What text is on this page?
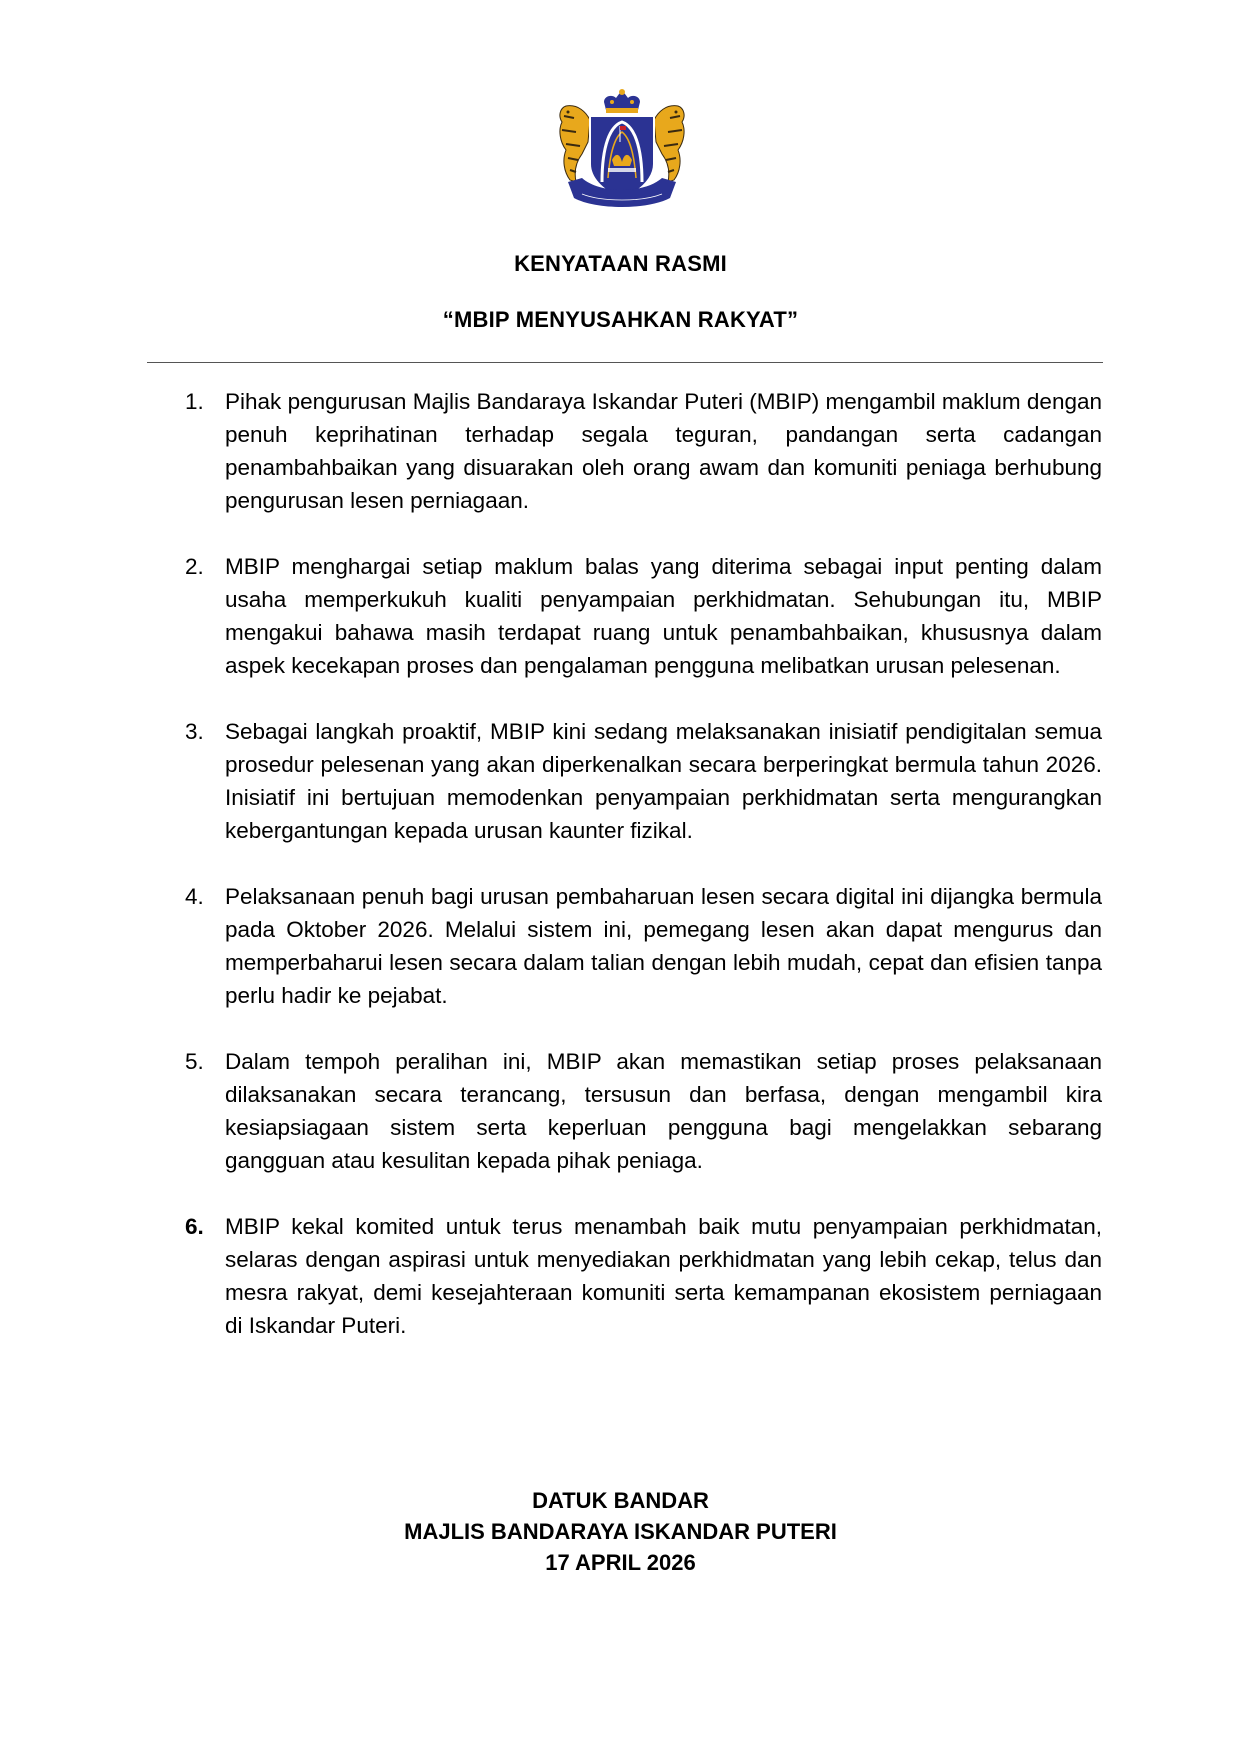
KENYATAAN RASMI
“MBIP MENYUSAHKAN RAKYAT”
1. Pihak pengurusan Majlis Bandaraya Iskandar Puteri (MBIP) mengambil maklum dengan penuh keprihatinan terhadap segala teguran, pandangan serta cadangan penambahbaikan yang disuarakan oleh orang awam dan komuniti peniaga berhubung pengurusan lesen perniagaan.
2. MBIP menghargai setiap maklum balas yang diterima sebagai input penting dalam usaha memperkukuh kualiti penyampaian perkhidmatan. Sehubungan itu, MBIP mengakui bahawa masih terdapat ruang untuk penambahbaikan, khususnya dalam aspek kecekapan proses dan pengalaman pengguna melibatkan urusan pelesenan.
3. Sebagai langkah proaktif, MBIP kini sedang melaksanakan inisiatif pendigitalan semua prosedur pelesenan yang akan diperkenalkan secara berperingkat bermula tahun 2026. Inisiatif ini bertujuan memodenkan penyampaian perkhidmatan serta mengurangkan kebergantungan kepada urusan kaunter fizikal.
4. Pelaksanaan penuh bagi urusan pembaharuan lesen secara digital ini dijangka bermula pada Oktober 2026. Melalui sistem ini, pemegang lesen akan dapat mengurus dan memperbaharui lesen secara dalam talian dengan lebih mudah, cepat dan efisien tanpa perlu hadir ke pejabat.
5. Dalam tempoh peralihan ini, MBIP akan memastikan setiap proses pelaksanaan dilaksanakan secara terancang, tersusun dan berfasa, dengan mengambil kira kesiapsiagaan sistem serta keperluan pengguna bagi mengelakkan sebarang gangguan atau kesulitan kepada pihak peniaga.
6. MBIP kekal komited untuk terus menambah baik mutu penyampaian perkhidmatan, selaras dengan aspirasi untuk menyediakan perkhidmatan yang lebih cekap, telus dan mesra rakyat, demi kesejahteraan komuniti serta kemampanan ekosistem perniagaan di Iskandar Puteri.
DATUK BANDAR
MAJLIS BANDARAYA ISKANDAR PUTERI
17 APRIL 2026
